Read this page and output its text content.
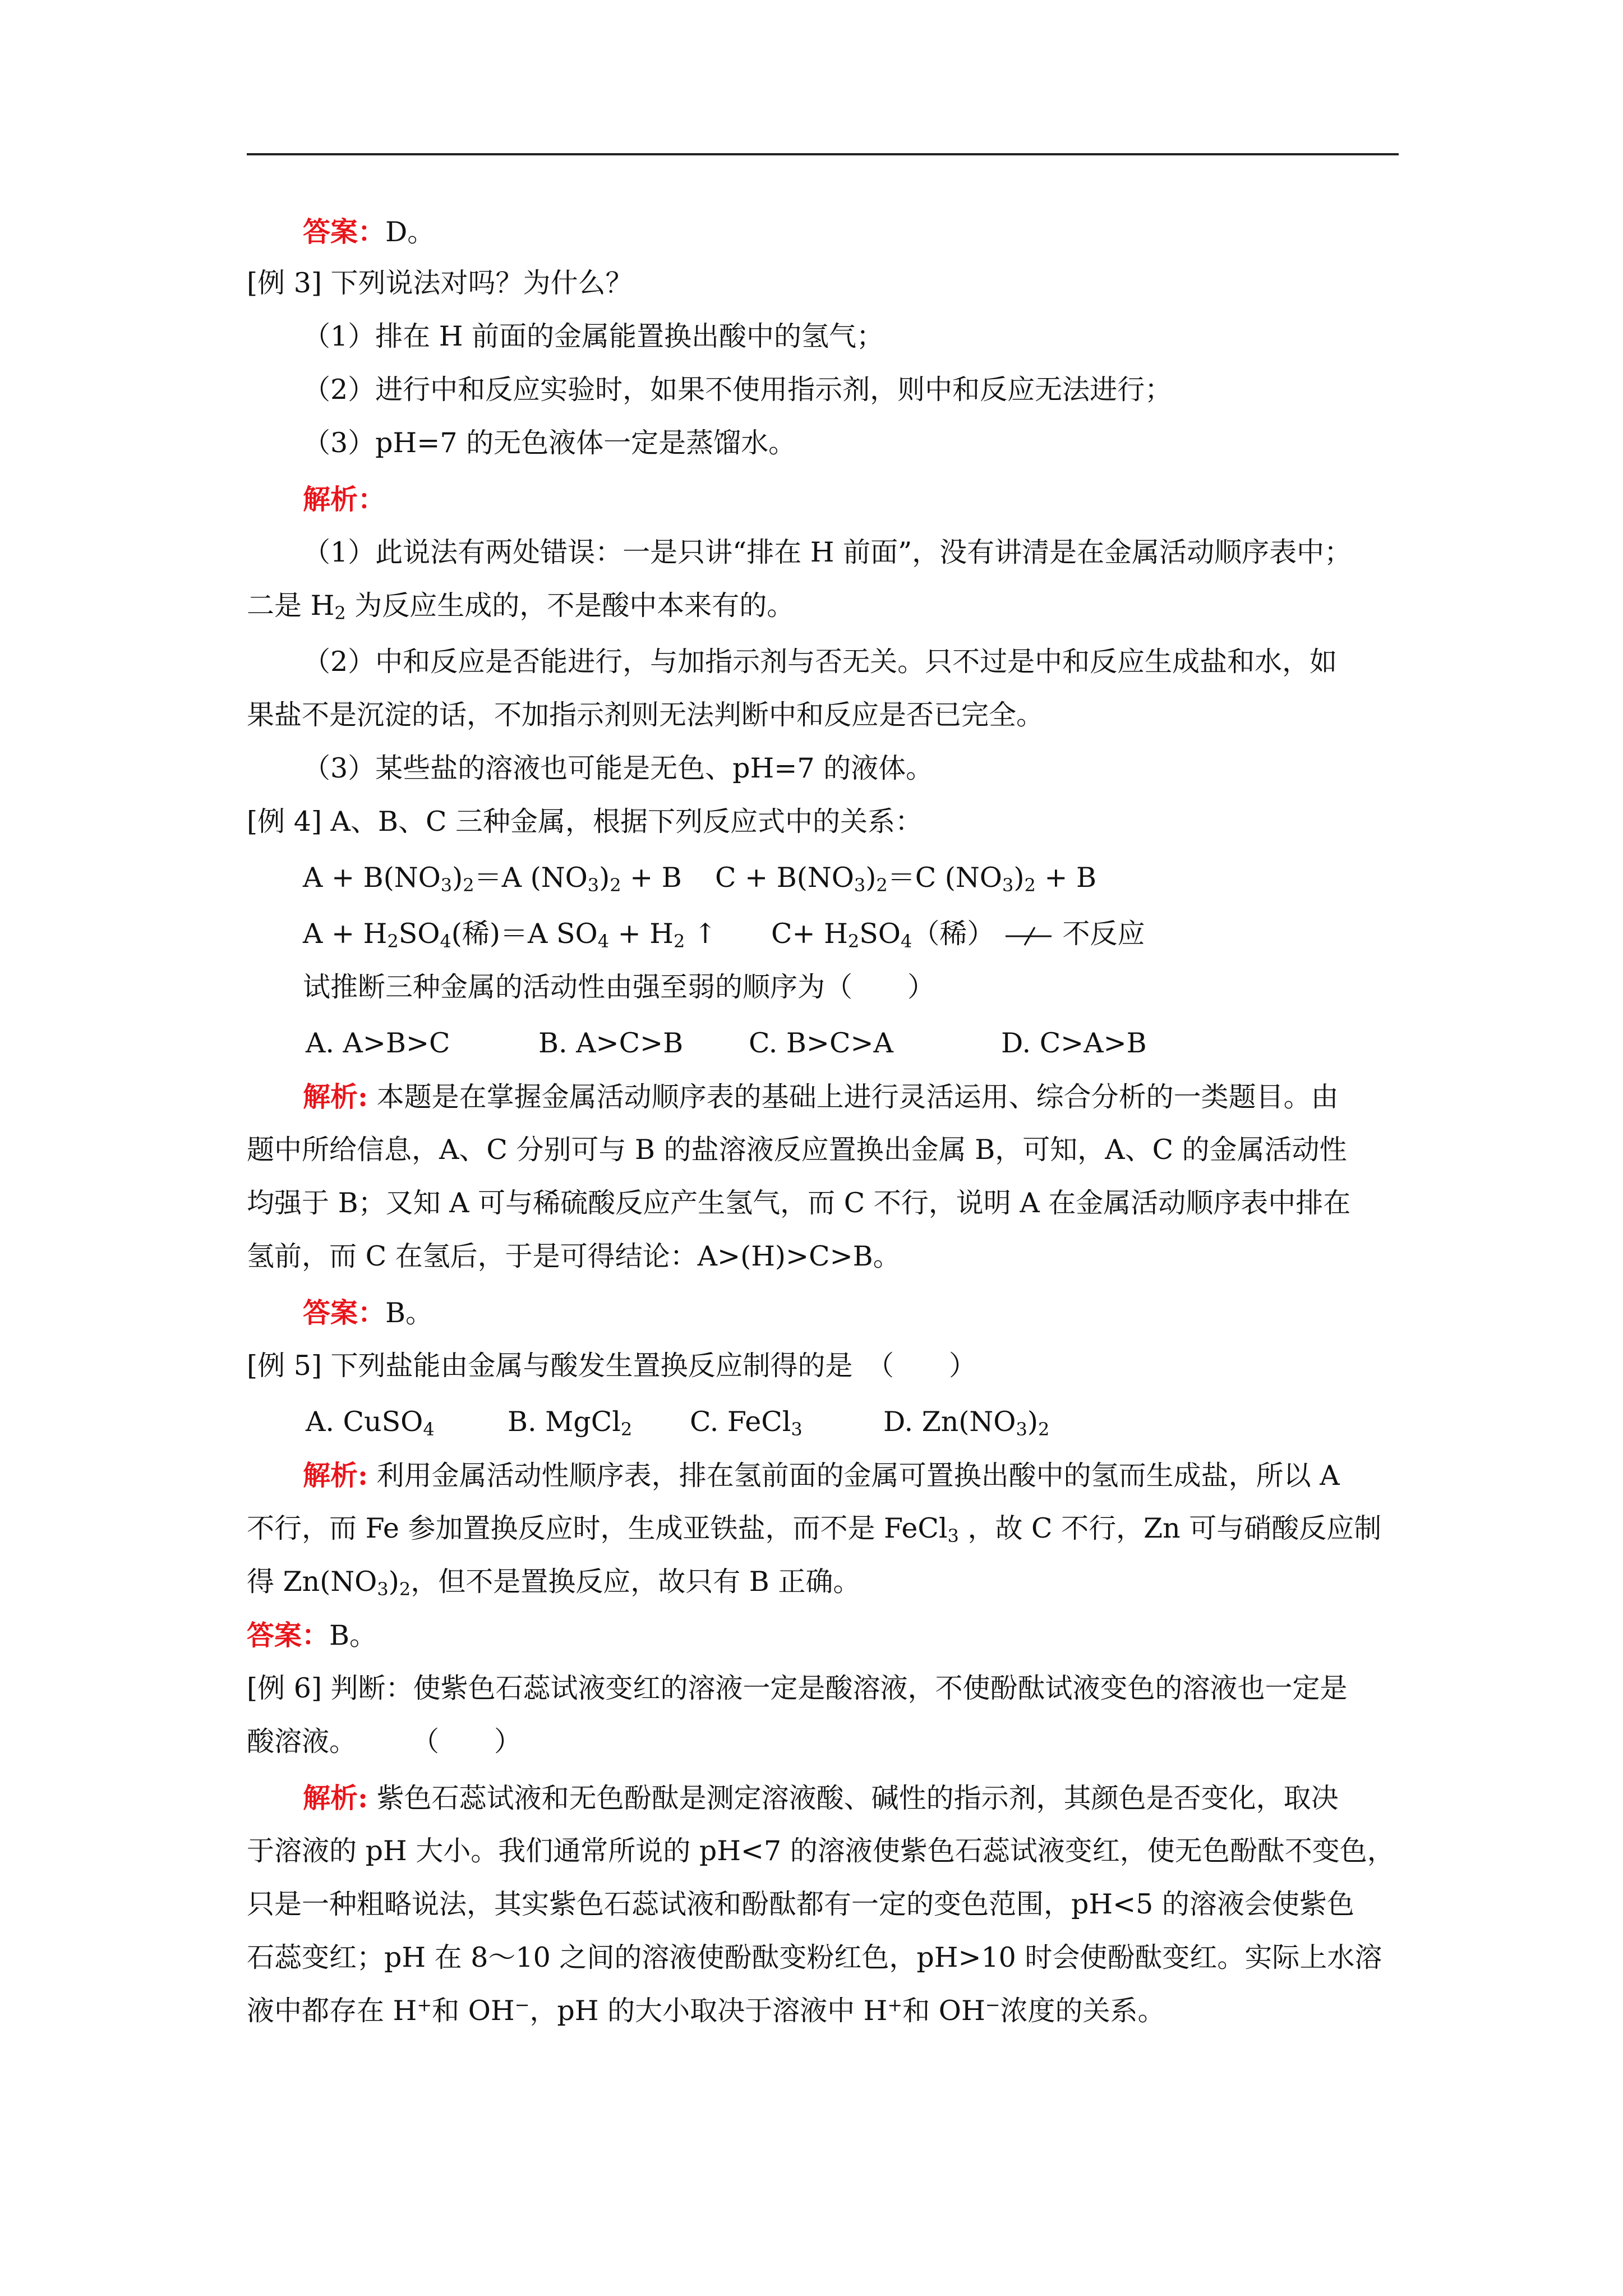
答案：D。
[例 3] 下列说法对吗？为什么？
（1）排在 H 前面的金属能置换出酸中的氢气；
（2）进行中和反应实验时，如果不使用指示剂，则中和反应无法进行；
（3）pH=7 的无色液体一定是蒸馏水。
解析：
（1）此说法有两处错误：一是只讲“排在 H 前面”，没有讲清是在金属活动顺序表中；
二是 $H_2$ 为反应生成的，不是酸中本来有的。
（2）中和反应是否能进行，与加指示剂与否无关。只不过是中和反应生成盐和水，如
果盐不是沉淀的话，不加指示剂则无法判断中和反应是否已完全。
（3）某些盐的溶液也可能是无色、pH=7 的液体。
[例 4] A、B、C 三种金属，根据下列反应式中的关系：
$A + B(NO_3)_2=A$ $(NO_3)_2 + B$ $C + B(NO_3)_2=C$ $(NO_3)_2 + B$
$A + H_2SO_4$(稀)＝A $SO_4 + H_2$ ↑ $C+ H_2SO_4$（稀） 不反应
试推断三种金属的活动性由强至弱的顺序为（　　）
A. A>B>C	B. A>C>B C. B>C>A	D. C>A>B
解析: 本题是在掌握金属活动顺序表的基础上进行灵活运用、综合分析的一类题目。由
题中所给信息，A、C 分别可与 B 的盐溶液反应置换出金属 B，可知，A、C 的金属活动性
均强于 B；又知 A 可与稀硫酸反应产生氢气，而 C 不行，说明 A 在金属活动顺序表中排在
氢前，而 C 在氢后，于是可得结论：A>(H)>C>B。
答案：B。
[例 5] 下列盐能由金属与酸发生置换反应制得的是　（　　）
A. CuSO$_4$	B. MgCl$_2$ C. FeCl$_3$	D. $Zn(NO_3)_2$
解析: 利用金属活动性顺序表，排在氢前面的金属可置换出酸中的氢而生成盐，所以 A
不行，而 Fe 参加置换反应时，生成亚铁盐，而不是 FeCl$_3$ ，故 C 不行，Zn 可与硝酸反应制
得 $Zn(NO_3)_2$，但不是置换反应，故只有 B 正确。
答案：B。
[例 6] 判断：使紫色石蕊试液变红的溶液一定是酸溶液，不使酚酞试液变色的溶液也一定是
酸溶液。　　　（　　）
解析: 紫色石蕊试液和无色酚酞是测定溶液酸、碱性的指示剂，其颜色是否变化，取决
于溶液的 pH 大小。我们通常所说的 pH<7 的溶液使紫色石蕊试液变红，使无色酚酞不变色，
只是一种粗略说法，其实紫色石蕊试液和酚酞都有一定的变色范围，pH<5 的溶液会使紫色
石蕊变红；pH 在 8～10 之间的溶液使酚酞变粉红色，pH>10 时会使酚酞变红。实际上水溶
液中都存在 H+和 OH−，pH 的大小取决于溶液中 H+和 OH−浓度的关系。
